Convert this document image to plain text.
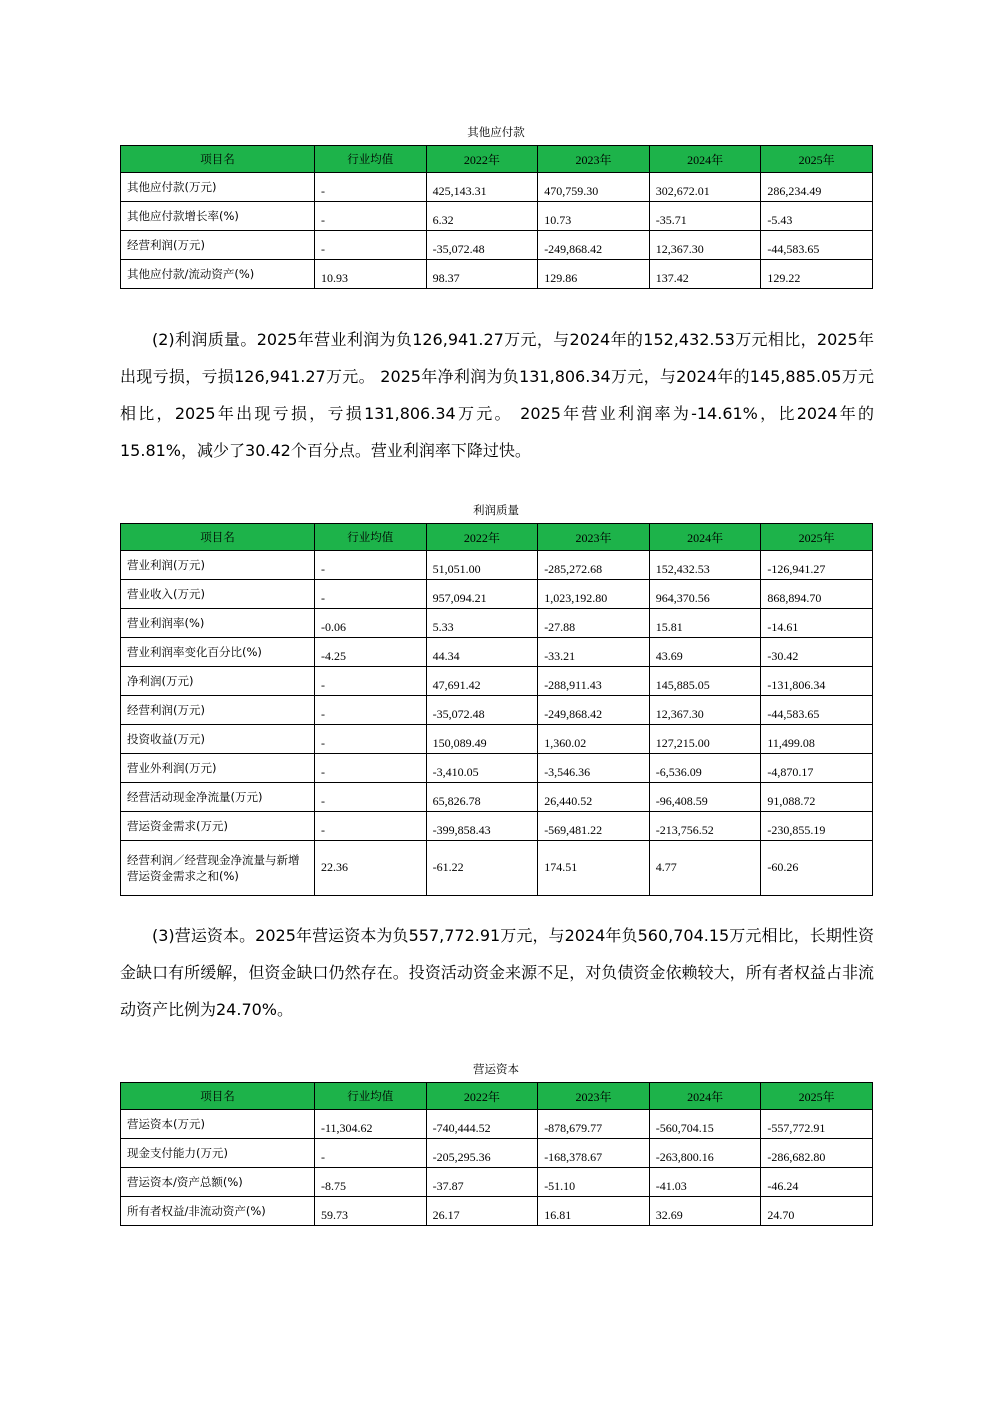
其他应付款
项目名	行业均值	2022年	2023年	2024年	2025年
其他应付款(万元)	-	425,143.31	470,759.30	302,672.01	286,234.49
其他应付款增长率(%)	-	6.32	10.73	-35.71	-5.43
经营利润(万元)	-	-35,072.48	-249,868.42	12,367.30	-44,583.65
其他应付款/流动资产(%)	10.93	98.37	129.86	137.42	129.22
(2)利润质量。2025年营业利润为负126,941.27万元，与2024年的152,432.53万元相比，2025年出现亏损，亏损126,941.27万元。 2025年净利润为负131,806.34万元，与2024年的145,885.05万元相比，2025年出现亏损，亏损131,806.34万元。 2025年营业利润率为-14.61%，比2024年的15.81%，减少了30.42个百分点。营业利润率下降过快。
利润质量
项目名	行业均值	2022年	2023年	2024年	2025年
营业利润(万元)	-	51,051.00	-285,272.68	152,432.53	-126,941.27
营业收入(万元)	-	957,094.21	1,023,192.80	964,370.56	868,894.70
营业利润率(%)	-0.06	5.33	-27.88	15.81	-14.61
营业利润率变化百分比(%)	-4.25	44.34	-33.21	43.69	-30.42
净利润(万元)	-	47,691.42	-288,911.43	145,885.05	-131,806.34
经营利润(万元)	-	-35,072.48	-249,868.42	12,367.30	-44,583.65
投资收益(万元)	-	150,089.49	1,360.02	127,215.00	11,499.08
营业外利润(万元)	-	-3,410.05	-3,546.36	-6,536.09	-4,870.17
经营活动现金净流量(万元)	-	65,826.78	26,440.52	-96,408.59	91,088.72
营运资金需求(万元)	-	-399,858.43	-569,481.22	-213,756.52	-230,855.19
经营利润／经营现金净流量与新增营运资金需求之和(%)	22.36	-61.22	174.51	4.77	-60.26
(3)营运资本。2025年营运资本为负557,772.91万元，与2024年负560,704.15万元相比，长期性资金缺口有所缓解，但资金缺口仍然存在。投资活动资金来源不足，对负债资金依赖较大，所有者权益占非流动资产比例为24.70%。
营运资本
项目名	行业均值	2022年	2023年	2024年	2025年
营运资本(万元)	-11,304.62	-740,444.52	-878,679.77	-560,704.15	-557,772.91
现金支付能力(万元)	-	-205,295.36	-168,378.67	-263,800.16	-286,682.80
营运资本/资产总额(%)	-8.75	-37.87	-51.10	-41.03	-46.24
所有者权益/非流动资产(%)	59.73	26.17	16.81	32.69	24.70
